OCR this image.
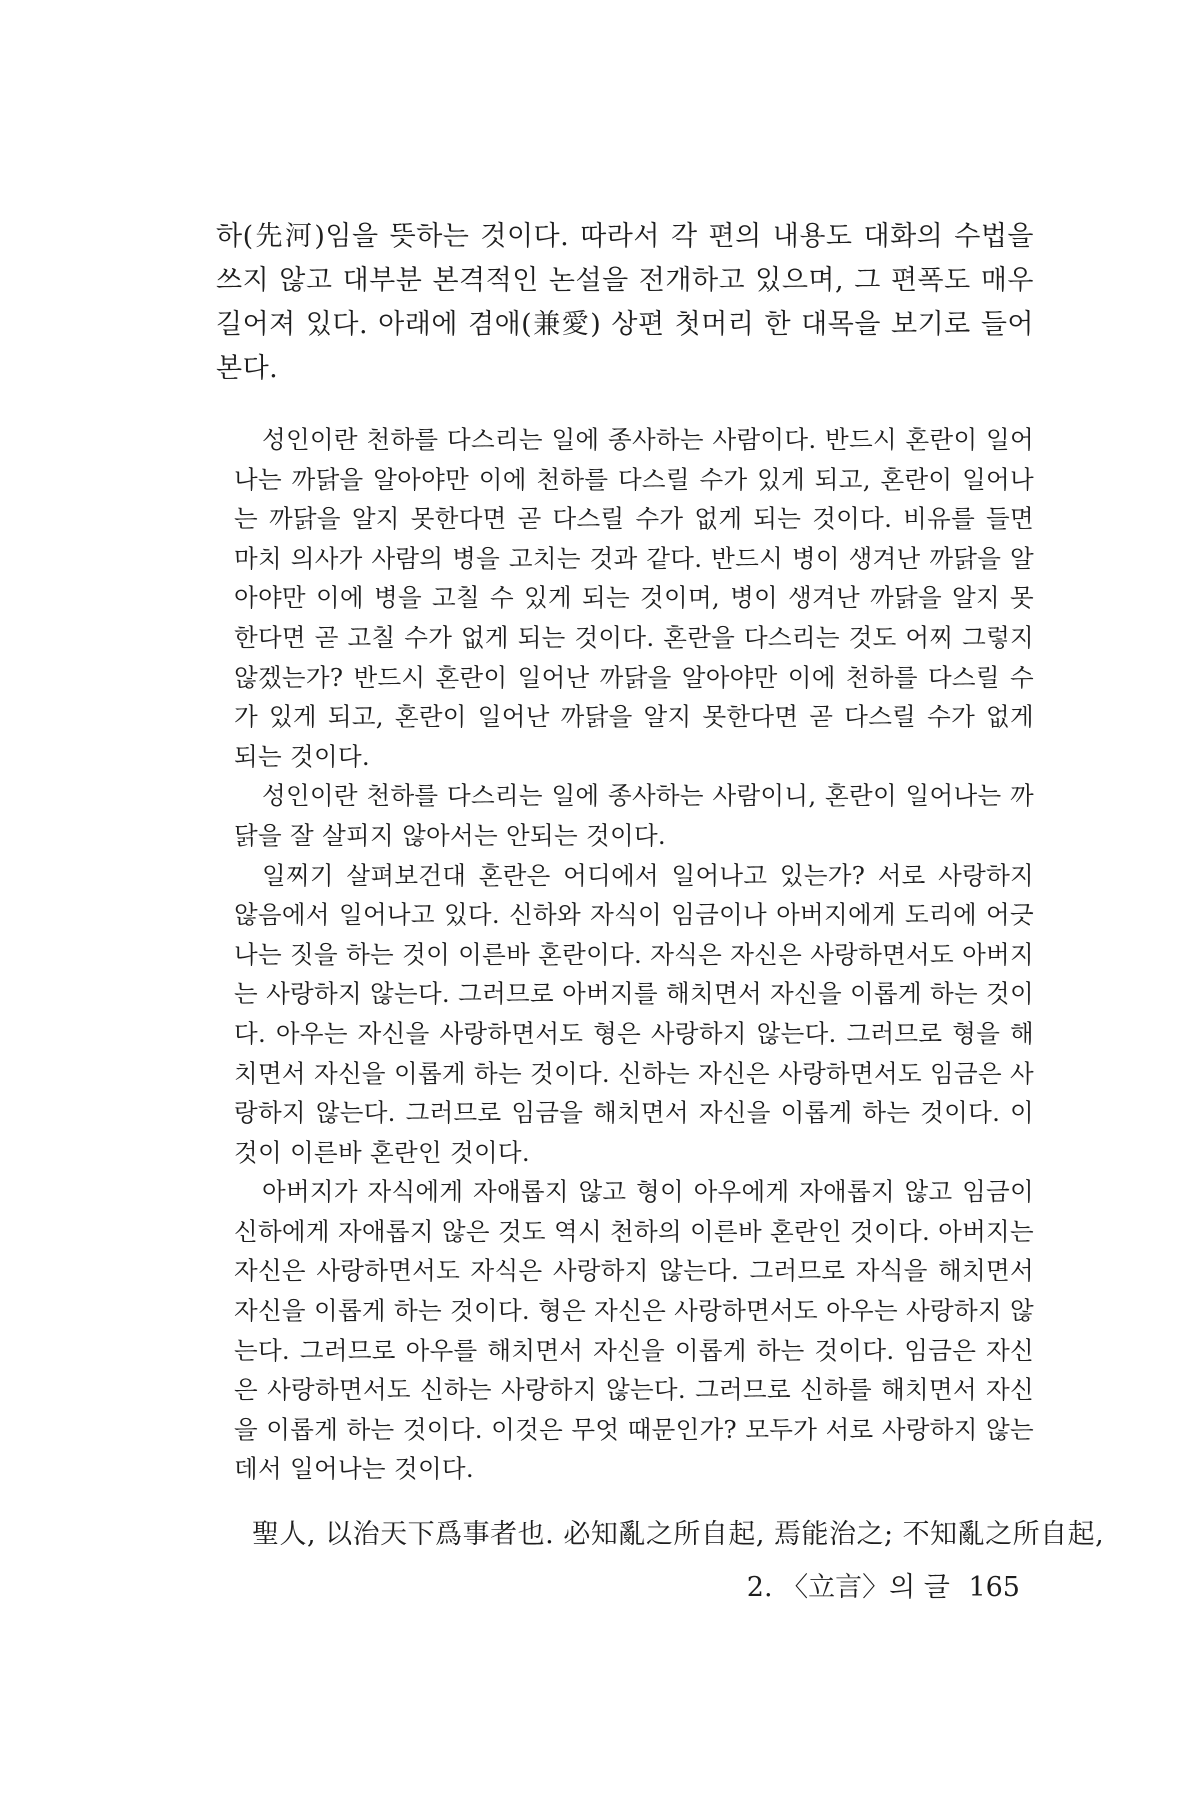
하(先河)임을 뜻하는 것이다. 따라서 각 편의 내용도 대화의 수법을 쓰지 않고 대부분 본격적인 논설을 전개하고 있으며, 그 편폭도 매우 길어져 있다. 아래에 겸애(兼愛) 상편 첫머리 한 대목을 보기로 들어 본다.

성인이란 천하를 다스리는 일에 종사하는 사람이다. 반드시 혼란이 일어나는 까닭을 알아야만 이에 천하를 다스릴 수가 있게 되고, 혼란이 일어나는 까닭을 알지 못한다면 곧 다스릴 수가 없게 되는 것이다. 비유를 들면 마치 의사가 사람의 병을 고치는 것과 같다. 반드시 병이 생겨난 까닭을 알아야만 이에 병을 고칠 수 있게 되는 것이며, 병이 생겨난 까닭을 알지 못한다면 곧 고칠 수가 없게 되는 것이다. 혼란을 다스리는 것도 어찌 그렇지 않겠는가? 반드시 혼란이 일어난 까닭을 알아야만 이에 천하를 다스릴 수가 있게 되고, 혼란이 일어난 까닭을 알지 못한다면 곧 다스릴 수가 없게 되는 것이다.

성인이란 천하를 다스리는 일에 종사하는 사람이니, 혼란이 일어나는 까닭을 잘 살피지 않아서는 안되는 것이다.

일찌기 살펴보건대 혼란은 어디에서 일어나고 있는가? 서로 사랑하지 않음에서 일어나고 있다. 신하와 자식이 임금이나 아버지에게 도리에 어긋나는 짓을 하는 것이 이른바 혼란이다. 자식은 자신은 사랑하면서도 아버지는 사랑하지 않는다. 그러므로 아버지를 해치면서 자신을 이롭게 하는 것이다. 아우는 자신을 사랑하면서도 형은 사랑하지 않는다. 그러므로 형을 해치면서 자신을 이롭게 하는 것이다. 신하는 자신은 사랑하면서도 임금은 사랑하지 않는다. 그러므로 임금을 해치면서 자신을 이롭게 하는 것이다. 이것이 이른바 혼란인 것이다.

아버지가 자식에게 자애롭지 않고 형이 아우에게 자애롭지 않고 임금이 신하에게 자애롭지 않은 것도 역시 천하의 이른바 혼란인 것이다. 아버지는 자신은 사랑하면서도 자식은 사랑하지 않는다. 그러므로 자식을 해치면서 자신을 이롭게 하는 것이다. 형은 자신은 사랑하면서도 아우는 사랑하지 않는다. 그러므로 아우를 해치면서 자신을 이롭게 하는 것이다. 임금은 자신은 사랑하면서도 신하는 사랑하지 않는다. 그러므로 신하를 해치면서 자신을 이롭게 하는 것이다. 이것은 무엇 때문인가? 모두가 서로 사랑하지 않는 데서 일어나는 것이다.

聖人, 以治天下爲事者也. 必知亂之所自起, 焉能治之; 不知亂之所自起,

2. 〈立言〉의 글 165
